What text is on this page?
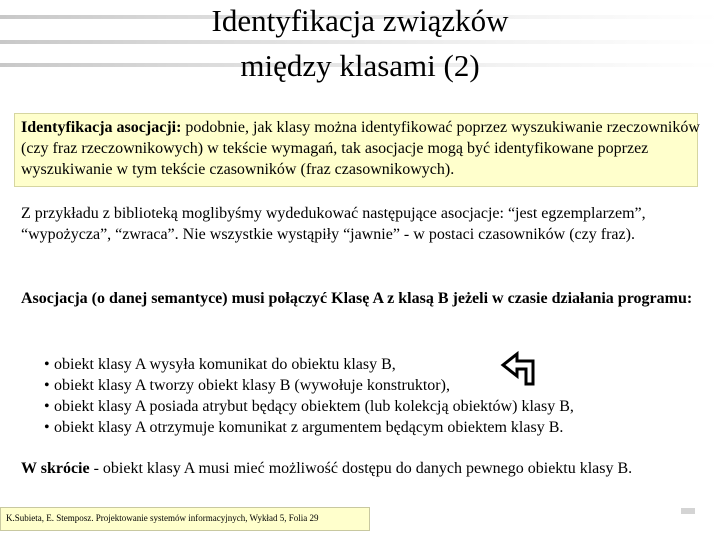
Identyfikacja związków
między klasami (2)

Identyfikacja asocjacji: podobnie, jak klasy można identyfikować poprzez wyszukiwanie rzeczowników (czy fraz rzeczownikowych) w tekście wymagań, tak asocjacje mogą być identyfikowane poprzez wyszukiwanie w tym tekście czasowników (fraz czasownikowych).

Z przykładu z biblioteką moglibyśmy wydedukować następujące asocjacje: “jest egzemplarzem”, “wypożycza”, “zwraca”. Nie wszystkie wystąpiły “jawnie” - w postaci czasowników (czy fraz).

Asocjacja (o danej semantyce) musi połączyć Klasę A z klasą B jeżeli w czasie działania programu:

• obiekt klasy A wysyła komunikat do obiektu klasy B,
• obiekt klasy A tworzy obiekt klasy B (wywołuje konstruktor),
• obiekt klasy A posiada atrybut będący obiektem (lub kolekcją obiektów) klasy B,
• obiekt klasy A otrzymuje komunikat z argumentem będącym obiektem klasy B.

W skrócie - obiekt klasy A musi mieć możliwość dostępu do danych pewnego obiektu klasy B.

K.Subieta, E. Stemposz. Projektowanie systemów informacyjnych, Wykład 5, Folia 29
